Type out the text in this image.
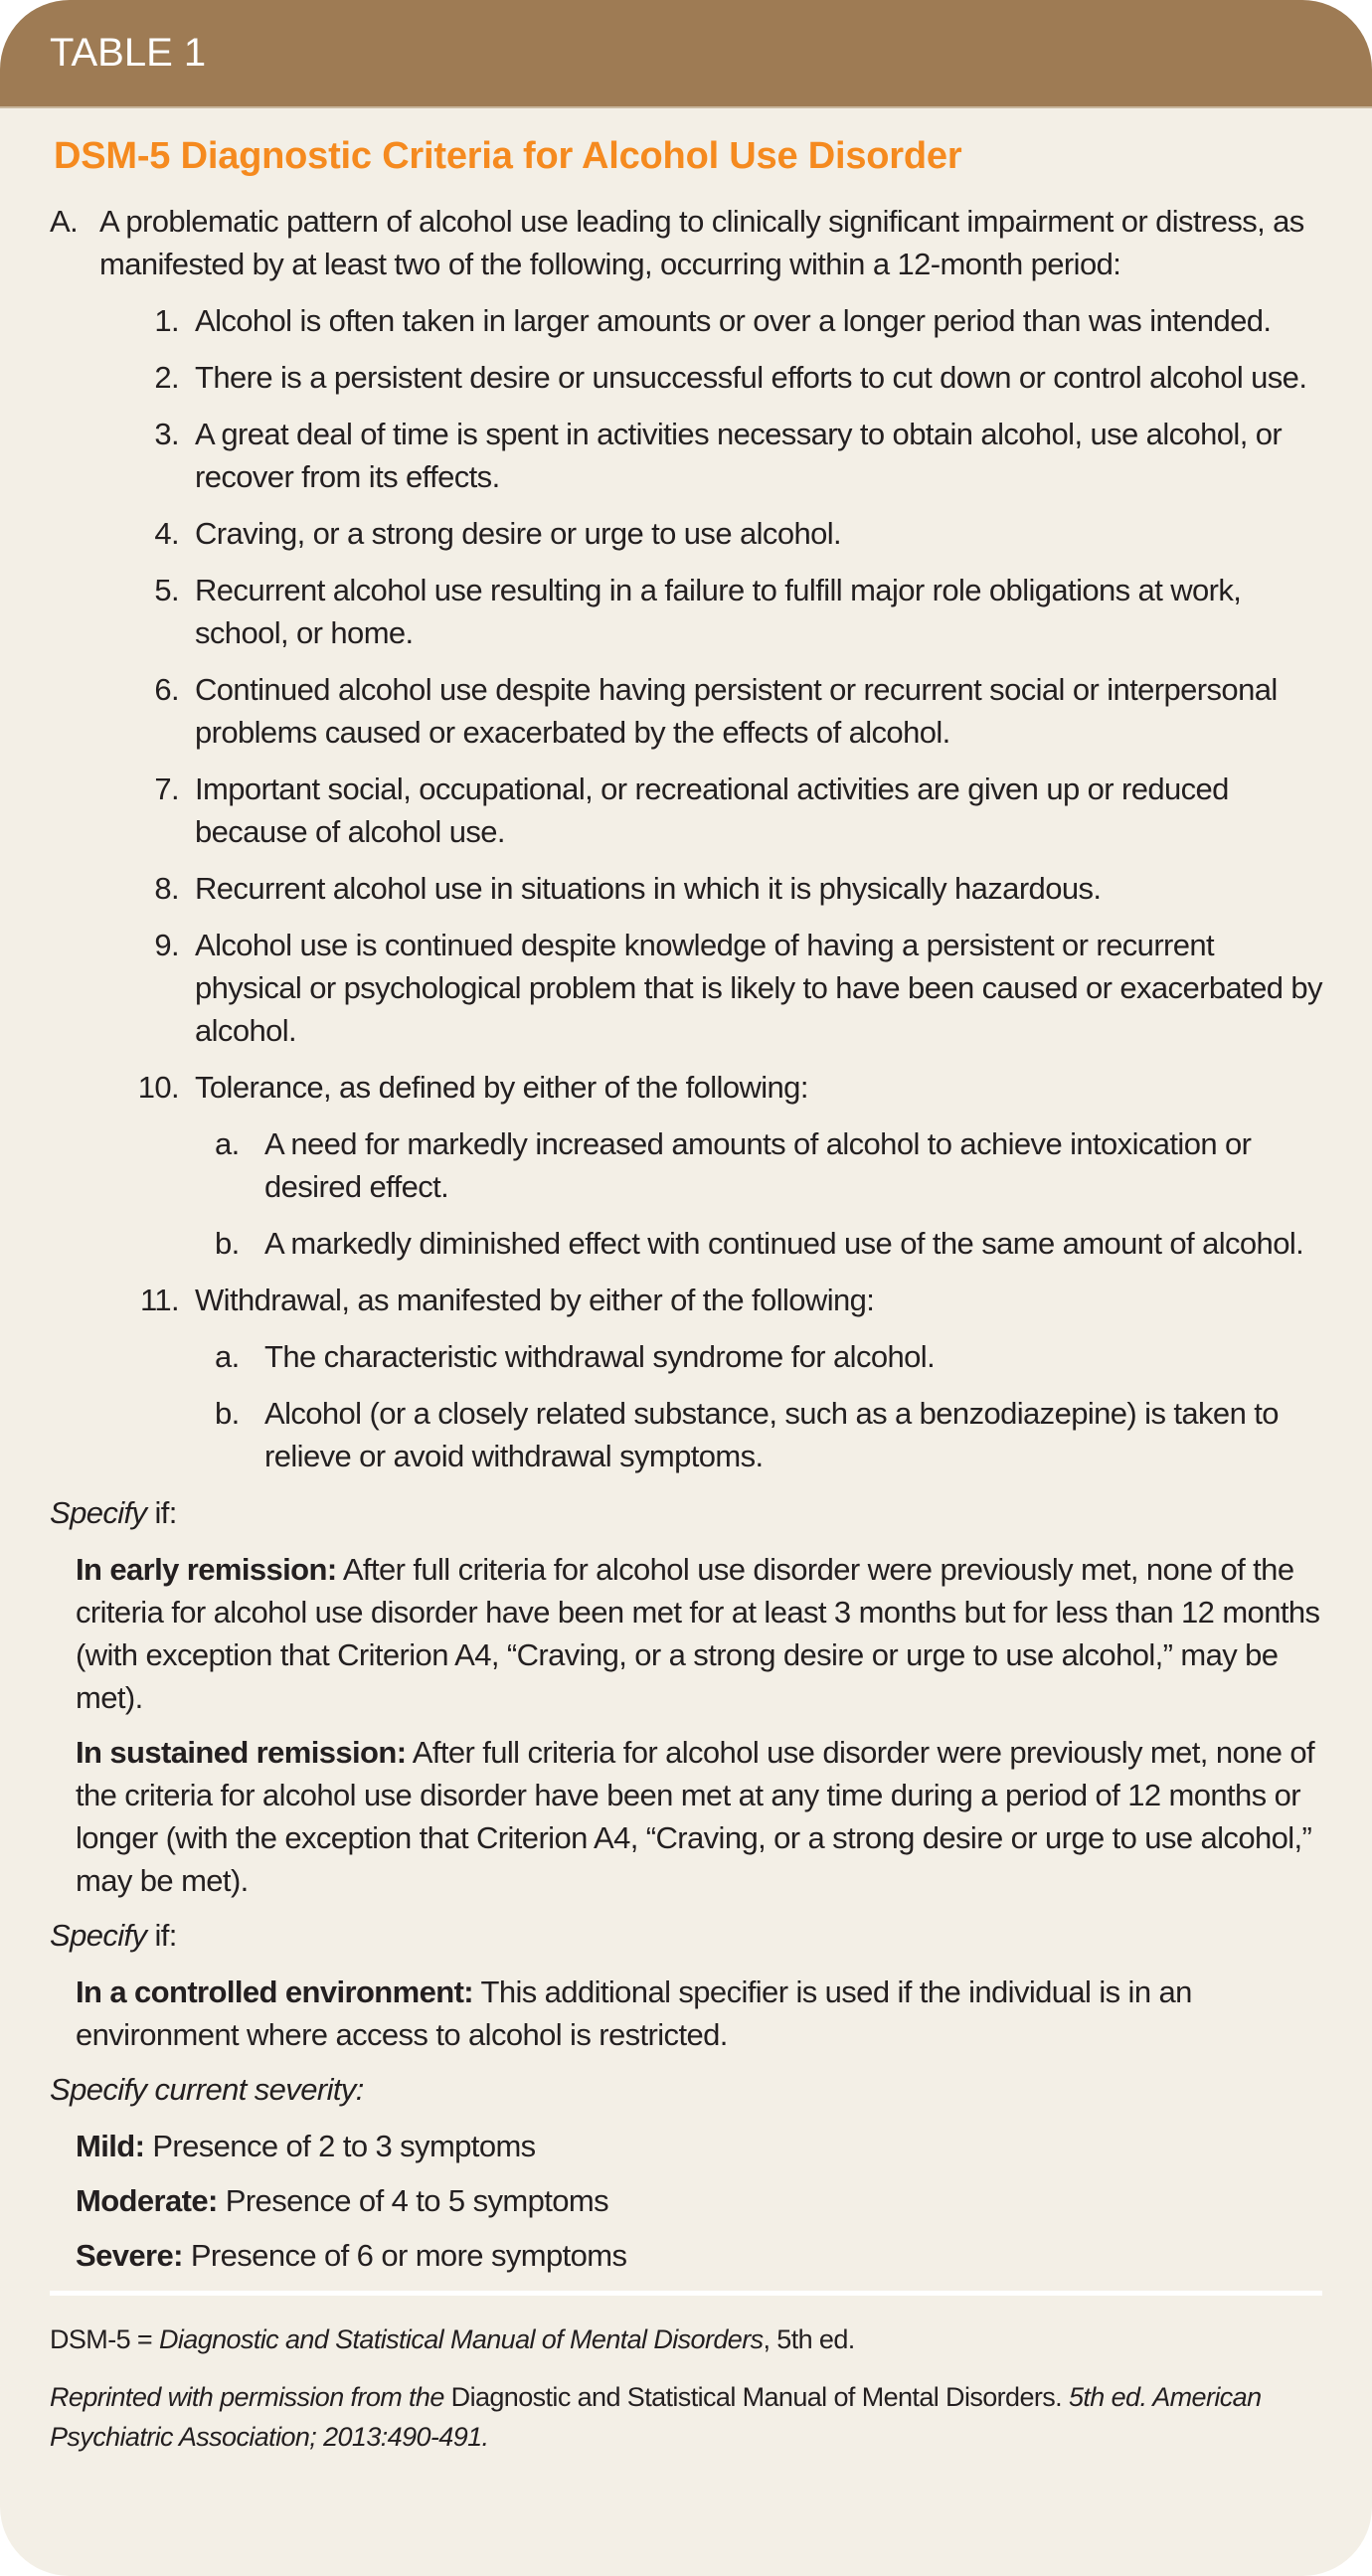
TABLE 1
DSM-5 Diagnostic Criteria for Alcohol Use Disorder
A. A problematic pattern of alcohol use leading to clinically significant impairment or distress, as manifested by at least two of the following, occurring within a 12-month period:
1. Alcohol is often taken in larger amounts or over a longer period than was intended.
2. There is a persistent desire or unsuccessful efforts to cut down or control alcohol use.
3. A great deal of time is spent in activities necessary to obtain alcohol, use alcohol, or recover from its effects.
4. Craving, or a strong desire or urge to use alcohol.
5. Recurrent alcohol use resulting in a failure to fulfill major role obligations at work, school, or home.
6. Continued alcohol use despite having persistent or recurrent social or interpersonal problems caused or exacerbated by the effects of alcohol.
7. Important social, occupational, or recreational activities are given up or reduced because of alcohol use.
8. Recurrent alcohol use in situations in which it is physically hazardous.
9. Alcohol use is continued despite knowledge of having a persistent or recurrent physical or psychological problem that is likely to have been caused or exacerbated by alcohol.
10. Tolerance, as defined by either of the following:
a. A need for markedly increased amounts of alcohol to achieve intoxication or desired effect.
b. A markedly diminished effect with continued use of the same amount of alcohol.
11. Withdrawal, as manifested by either of the following:
a. The characteristic withdrawal syndrome for alcohol.
b. Alcohol (or a closely related substance, such as a benzodiazepine) is taken to relieve or avoid withdrawal symptoms.
Specify if:
In early remission: After full criteria for alcohol use disorder were previously met, none of the criteria for alcohol use disorder have been met for at least 3 months but for less than 12 months (with exception that Criterion A4, “Craving, or a strong desire or urge to use alcohol,” may be met).
In sustained remission: After full criteria for alcohol use disorder were previously met, none of the criteria for alcohol use disorder have been met at any time during a period of 12 months or longer (with the exception that Criterion A4, “Craving, or a strong desire or urge to use alcohol,” may be met).
Specify if:
In a controlled environment: This additional specifier is used if the individual is in an environment where access to alcohol is restricted.
Specify current severity:
Mild: Presence of 2 to 3 symptoms
Moderate: Presence of 4 to 5 symptoms
Severe: Presence of 6 or more symptoms
DSM-5 = Diagnostic and Statistical Manual of Mental Disorders, 5th ed.
Reprinted with permission from the Diagnostic and Statistical Manual of Mental Disorders. 5th ed. American Psychiatric Association; 2013:490-491.
